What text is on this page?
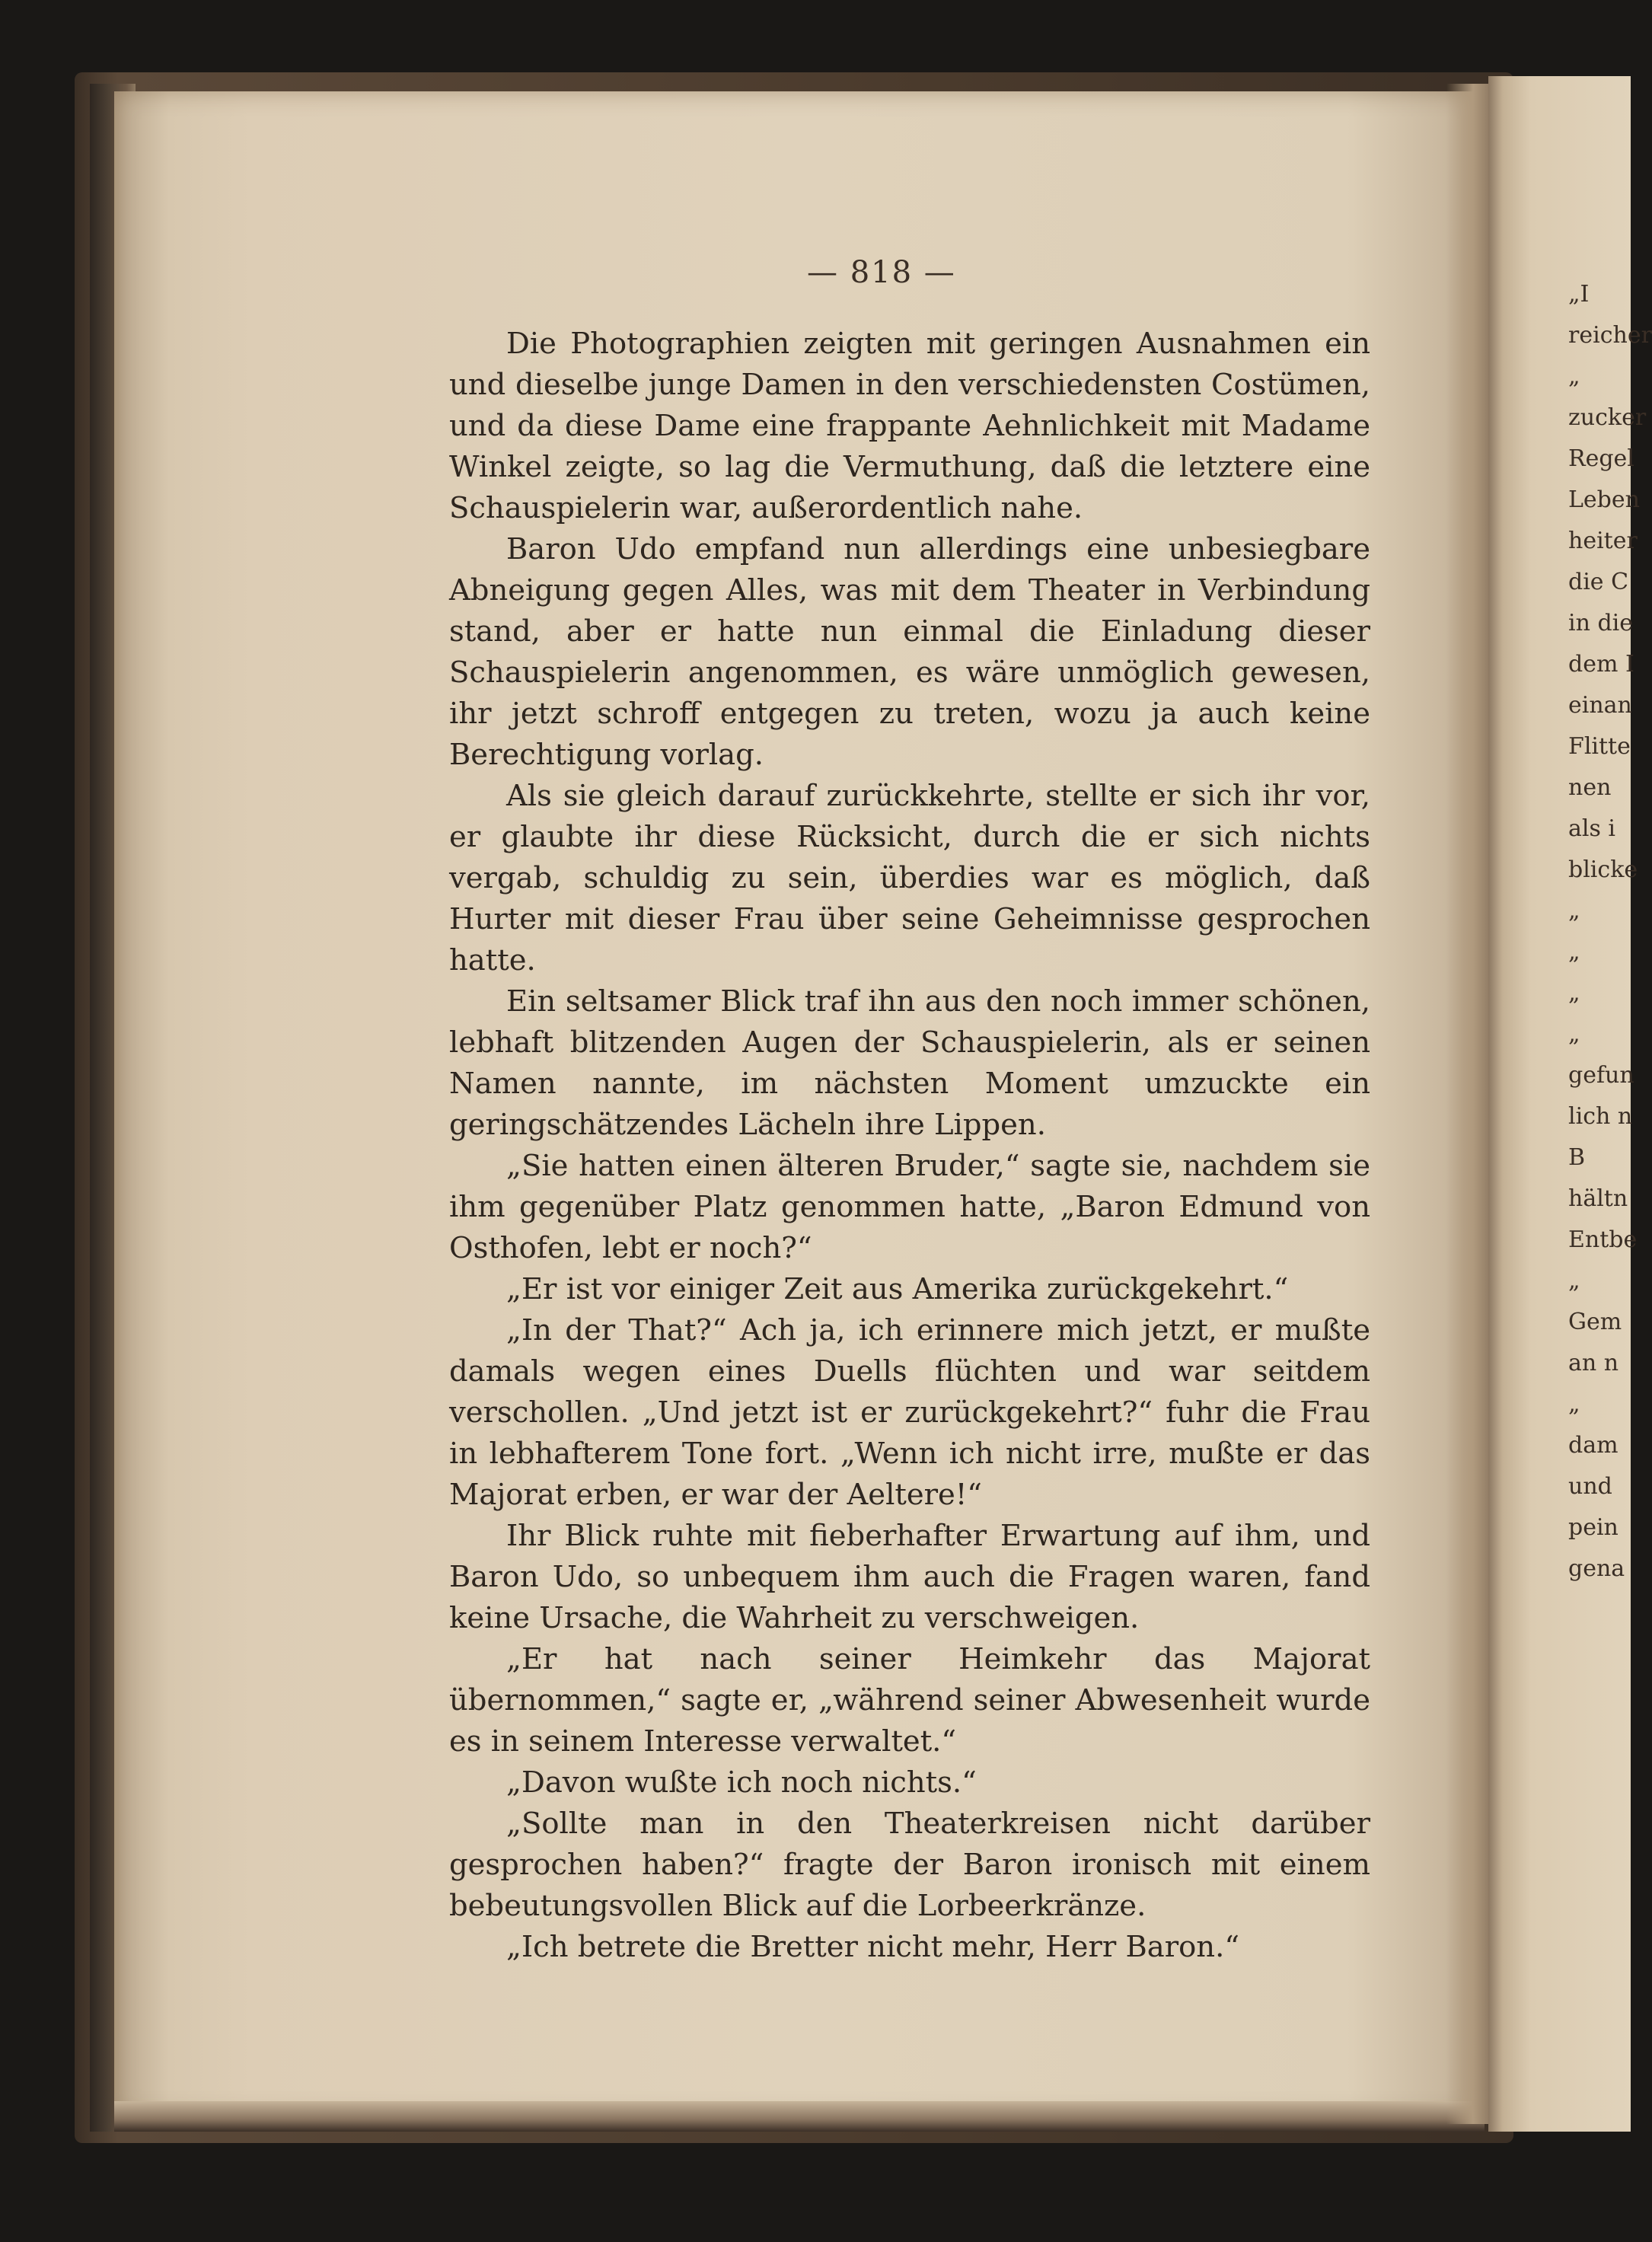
— 818 —

Die Photographien zeigten mit geringen Ausnahmen ein und dieselbe junge Damen in den verschiedensten Costümen, und da diese Dame eine frappante Aehnlichkeit mit Madame Winkel zeigte, so lag die Vermuthung, daß die letztere eine Schauspielerin war, außerordentlich nahe.

Baron Udo empfand nun allerdings eine unbesiegbare Abneigung gegen Alles, was mit dem Theater in Verbindung stand, aber er hatte nun einmal die Einladung dieser Schauspielerin angenommen, es wäre unmöglich gewesen, ihr jetzt schroff entgegen zu treten, wozu ja auch keine Berechtigung vorlag.

Als sie gleich darauf zurückkehrte, stellte er sich ihr vor, er glaubte ihr diese Rücksicht, durch die er sich nichts vergab, schuldig zu sein, überdies war es möglich, daß Hurter mit dieser Frau über seine Geheimnisse gesprochen hatte.

Ein seltsamer Blick traf ihn aus den noch immer schönen, lebhaft blitzenden Augen der Schauspielerin, als er seinen Namen nannte, im nächsten Moment umzuckte ein geringschätzendes Lächeln ihre Lippen.

„Sie hatten einen älteren Bruder,“ sagte sie, nachdem sie ihm gegenüber Platz genommen hatte, „Baron Edmund von Osthofen, lebt er noch?“

„Er ist vor einiger Zeit aus Amerika zurückgekehrt.“

„In der That?“ Ach ja, ich erinnere mich jetzt, er mußte damals wegen eines Duells flüchten und war seitdem verschollen. „Und jetzt ist er zurückgekehrt?“ fuhr die Frau in lebhafterem Tone fort. „Wenn ich nicht irre, mußte er das Majorat erben, er war der Aeltere!“

Ihr Blick ruhte mit fieberhafter Erwartung auf ihm, und Baron Udo, so unbequem ihm auch die Fragen waren, fand keine Ursache, die Wahrheit zu verschweigen.

„Er hat nach seiner Heimkehr das Majorat übernommen,“ sagte er, „während seiner Abwesenheit wurde es in seinem Interesse verwaltet.“

„Davon wußte ich noch nichts.“

„Sollte man in den Theaterkreisen nicht darüber gesprochen haben?“ fragte der Baron ironisch mit einem bebeutungsvollen Blick auf die Lorbeerkränze.

„Ich betrete die Bretter nicht mehr, Herr Baron.“

„I
reicher
„
zucker
Regel
Leben
heiter
die C
in die
dem I
einan
Flitte
nen
als i
blicke
„
„
„
„
gefun
lich n
B
hältn
Entbe
„
Gem
an n
„
dam
und
pein
gena
